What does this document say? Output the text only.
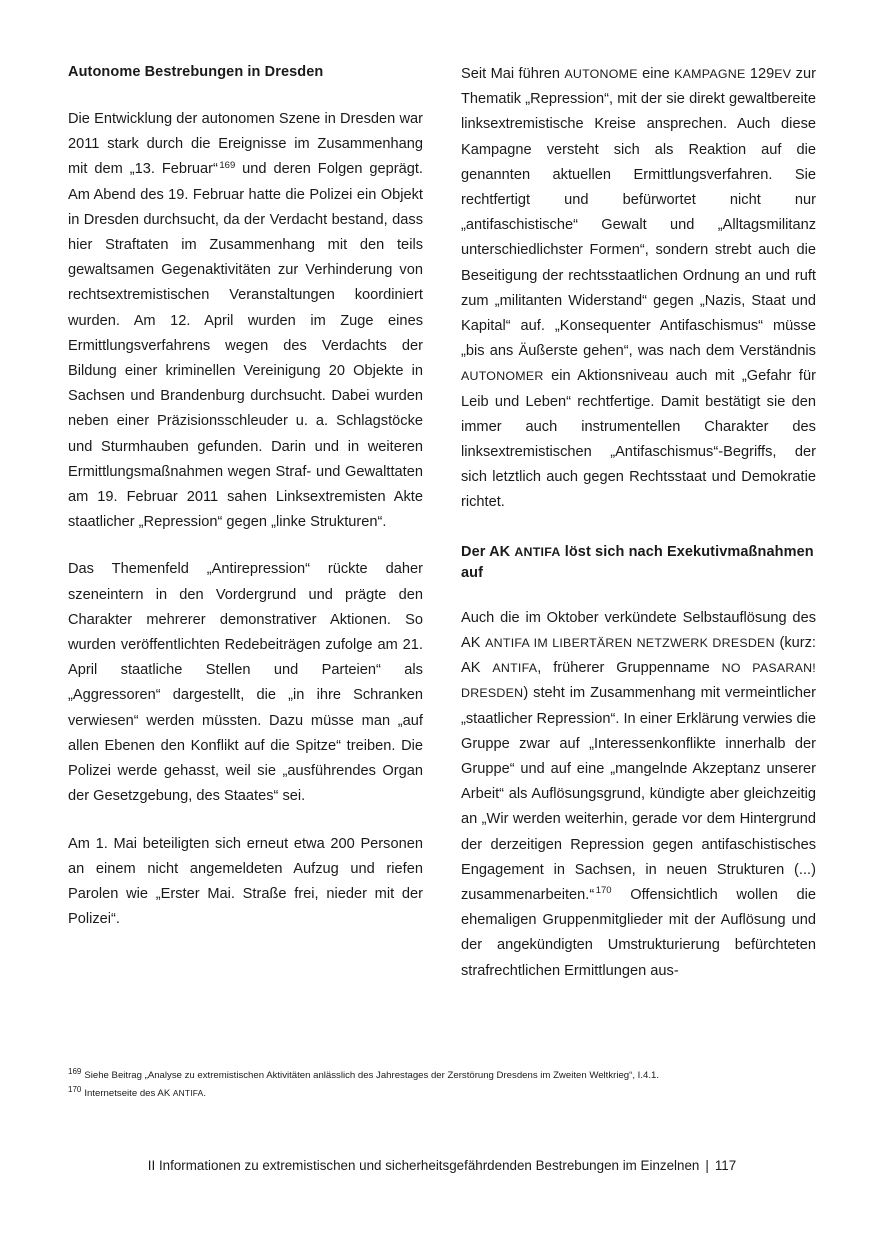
Autonome Bestrebungen in Dresden

Die Entwicklung der autonomen Szene in Dresden war 2011 stark durch die Ereignisse im Zusammenhang mit dem „13. Februar“ $^{169}$ und deren Folgen geprägt. Am Abend des 19. Februar hatte die Polizei ein Objekt in Dresden durchsucht, da der Verdacht bestand, dass hier Straftaten im Zusammenhang mit den teils gewaltsamen Gegenaktivitäten zur Verhinderung von rechtsextremistischen Veranstaltungen koordiniert wurden. Am 12. April wurden im Zuge eines Ermittlungsverfahrens wegen des Verdachts der Bildung einer kriminellen Vereinigung 20 Objekte in Sachsen und Brandenburg durchsucht. Dabei wurden neben einer Präzisionsschleuder u. a. Schlagstöcke und Sturmhauben gefunden. Darin und in weiteren Ermittlungsmaßnahmen wegen Straf- und Gewalttaten am 19. Februar 2011 sahen Linksextremisten Akte staatlicher „Repression“ gegen „linke Strukturen“.

Das Themenfeld „Antirepression“ rückte daher szeneintern in den Vordergrund und prägte den Charakter mehrerer demonstrativer Aktionen. So wurden veröffentlichten Redebeiträgen zufolge am 21. April staatliche Stellen und Parteien“ als „Aggressoren“ dargestellt, die „in ihre Schranken verwiesen“ werden müssten. Dazu müsse man „auf allen Ebenen den Konflikt auf die Spitze“ treiben. Die Polizei werde gehasst, weil sie „ausführendes Organ der Gesetzgebung, des Staates“ sei.

Am 1. Mai beteiligten sich erneut etwa 200 Personen an einem nicht angemeldeten Aufzug und riefen Parolen wie „Erster Mai. Straße frei, nieder mit der Polizei“.

Seit Mai führen AUTONOME eine KAMPAGNE 129EV zur Thematik „Repression“, mit der sie direkt gewaltbereite linksextremistische Kreise ansprechen. Auch diese Kampagne versteht sich als Reaktion auf die genannten aktuellen Ermittlungsverfahren. Sie rechtfertigt und befürwortet nicht nur „antifaschistische“ Gewalt und „Alltagsmilitanz unterschiedlichster Formen“, sondern strebt auch die Beseitigung der rechtsstaatlichen Ordnung an und ruft zum „militanten Widerstand“ gegen „Nazis, Staat und Kapital“ auf. „Konsequenter Antifaschismus“ müsse „bis ans Äußerste gehen“, was nach dem Verständnis AUTONOMER ein Aktionsniveau auch mit „Gefahr für Leib und Leben“ rechtfertige. Damit bestätigt sie den immer auch instrumentellen Charakter des linksextremistischen „Antifaschismus“-Begriffs, der sich letztlich auch gegen Rechtsstaat und Demokratie richtet.

Der AK ANTIFA löst sich nach Exekutivmaßnahmen auf

Auch die im Oktober verkündete Selbstauflösung des AK ANTIFA IM LIBERTÄREN NETZWERK DRESDEN (kurz: AK ANTIFA, früherer Gruppenname NO PASARAN! DRESDEN) steht im Zusammenhang mit vermeintlicher „staatlicher Repression“. In einer Erklärung verwies die Gruppe zwar auf „Interessenkonflikte innerhalb der Gruppe“ und auf eine „mangelnde Akzeptanz unserer Arbeit“ als Auflösungsgrund, kündigte aber gleichzeitig an „Wir werden weiterhin, gerade vor dem Hintergrund der derzeitigen Repression gegen antifaschistisches Engagement in Sachsen, in neuen Strukturen (...) zusammenarbeiten.“ $^{170}$ Offensichtlich wollen die ehemaligen Gruppenmitglieder mit der Auflösung und der angekündigten Umstrukturierung befürchteten strafrechtlichen Ermittlungen aus-

$^{169}$ Siehe Beitrag „Analyse zu extremistischen Aktivitäten anlässlich des Jahrestages der Zerstörung Dresdens im Zweiten Weltkrieg“, I.4.1.

$^{170}$ Internetseite des AK ANTIFA.

II Informationen zu extremistischen und sicherheitsgefährdenden Bestrebungen im Einzelnen | 117
